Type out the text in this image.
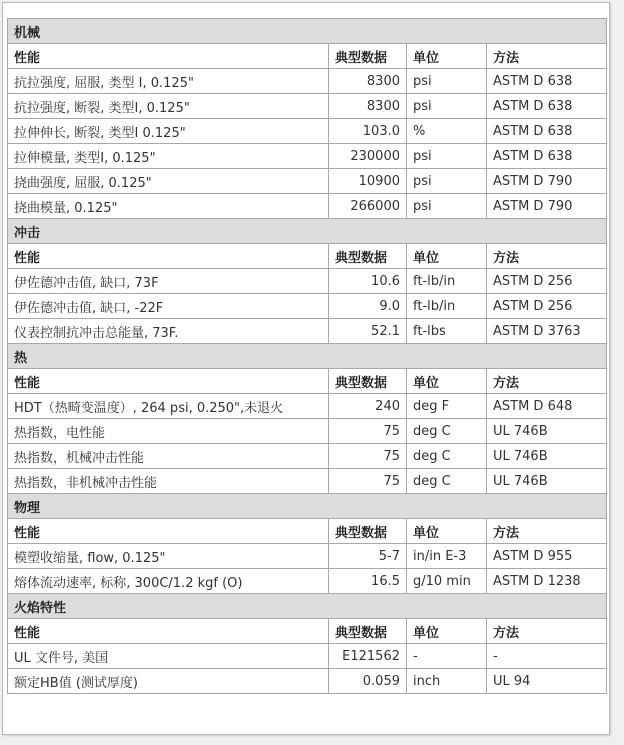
机械			
性能	典型数据	单位	方法
抗拉强度, 屈服, 类型 I, 0.125"	8300	psi	ASTM D 638
抗拉强度, 断裂, 类型I, 0.125"	8300	psi	ASTM D 638
拉伸伸长, 断裂, 类型I 0.125"	103.0	%	ASTM D 638
拉伸模量, 类型I, 0.125"	230000	psi	ASTM D 638
挠曲强度, 屈服, 0.125"	10900	psi	ASTM D 790
挠曲模量, 0.125"	266000	psi	ASTM D 790
冲击			
性能	典型数据	单位	方法
伊佐德冲击值, 缺口, 73F	10.6	ft-lb/in	ASTM D 256
伊佐德冲击值, 缺口, -22F	9.0	ft-lb/in	ASTM D 256
仪表控制抗冲击总能量, 73F.	52.1	ft-lbs	ASTM D 3763
热			
性能	典型数据	单位	方法
HDT（热畸变温度）, 264 psi, 0.250",未退火	240	deg F	ASTM D 648
热指数，电性能	75	deg C	UL 746B
热指数，机械冲击性能	75	deg C	UL 746B
热指数，非机械冲击性能	75	deg C	UL 746B
物理			
性能	典型数据	单位	方法
模塑收缩量, flow, 0.125"	5-7	in/in E-3	ASTM D 955
熔体流动速率, 标称, 300C/1.2 kgf (O)	16.5	g/10 min	ASTM D 1238
火焰特性			
性能	典型数据	单位	方法
UL 文件号, 美国	E121562	-	-
额定HB值 (测试厚度)	0.059	inch	UL 94
